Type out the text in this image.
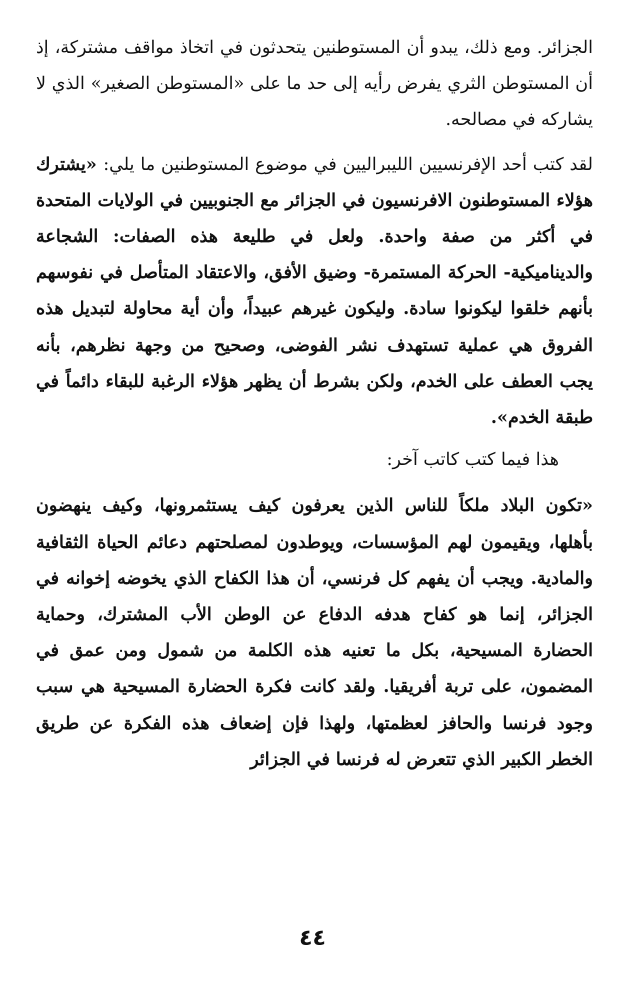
الجزائر. ومع ذلك، يبدو أن المستوطنين يتحدثون في اتخاذ مواقف مشتركة، إذ أن المستوطن الثري يفرض رأيه إلى حد ما على «المستوطن الصغير» الذي لا يشاركه في مصالحه.

لقد كتب أحد الإفرنسيين الليبراليين في موضوع المستوطنين ما يلي: «يشترك هؤلاء المستوطنون الافرنسيون في الجزائر مع الجنوبيين في الولايات المتحدة في أكثر من صفة واحدة. ولعل في طليعة هذه الصفات: الشجاعة والديناميكية- الحركة المستمرة- وضيق الأفق، والاعتقاد المتأصل في نفوسهم بأنهم خلقوا ليكونوا سادة. وليكون غيرهم عبيداً، وأن أية محاولة لتبديل هذه الفروق هي عملية تستهدف نشر الفوضى، وصحيح من وجهة نظرهم، بأنه يجب العطف على الخدم، ولكن بشرط أن يظهر هؤلاء الرغبة للبقاء دائماً في طبقة الخدم».

هذا فيما كتب كاتب آخر:

«تكون البلاد ملكاً للناس الذين يعرفون كيف يستثمرونها، وكيف ينهضون بأهلها، ويقيمون لهم المؤسسات، ويوطدون لمصلحتهم دعائم الحياة الثقافية والمادية. ويجب أن يفهم كل فرنسي، أن هذا الكفاح الذي يخوضه إخوانه في الجزائر، إنما هو كفاح هدفه الدفاع عن الوطن الأب المشترك، وحماية الحضارة المسيحية، بكل ما تعنيه هذه الكلمة من شمول ومن عمق في المضمون، على تربة أفريقيا. ولقد كانت فكرة الحضارة المسيحية هي سبب وجود فرنسا والحافز لعظمتها، ولهذا فإن إضعاف هذه الفكرة عن طريق الخطر الكبير الذي تتعرض له فرنسا في الجزائر

٤٤
